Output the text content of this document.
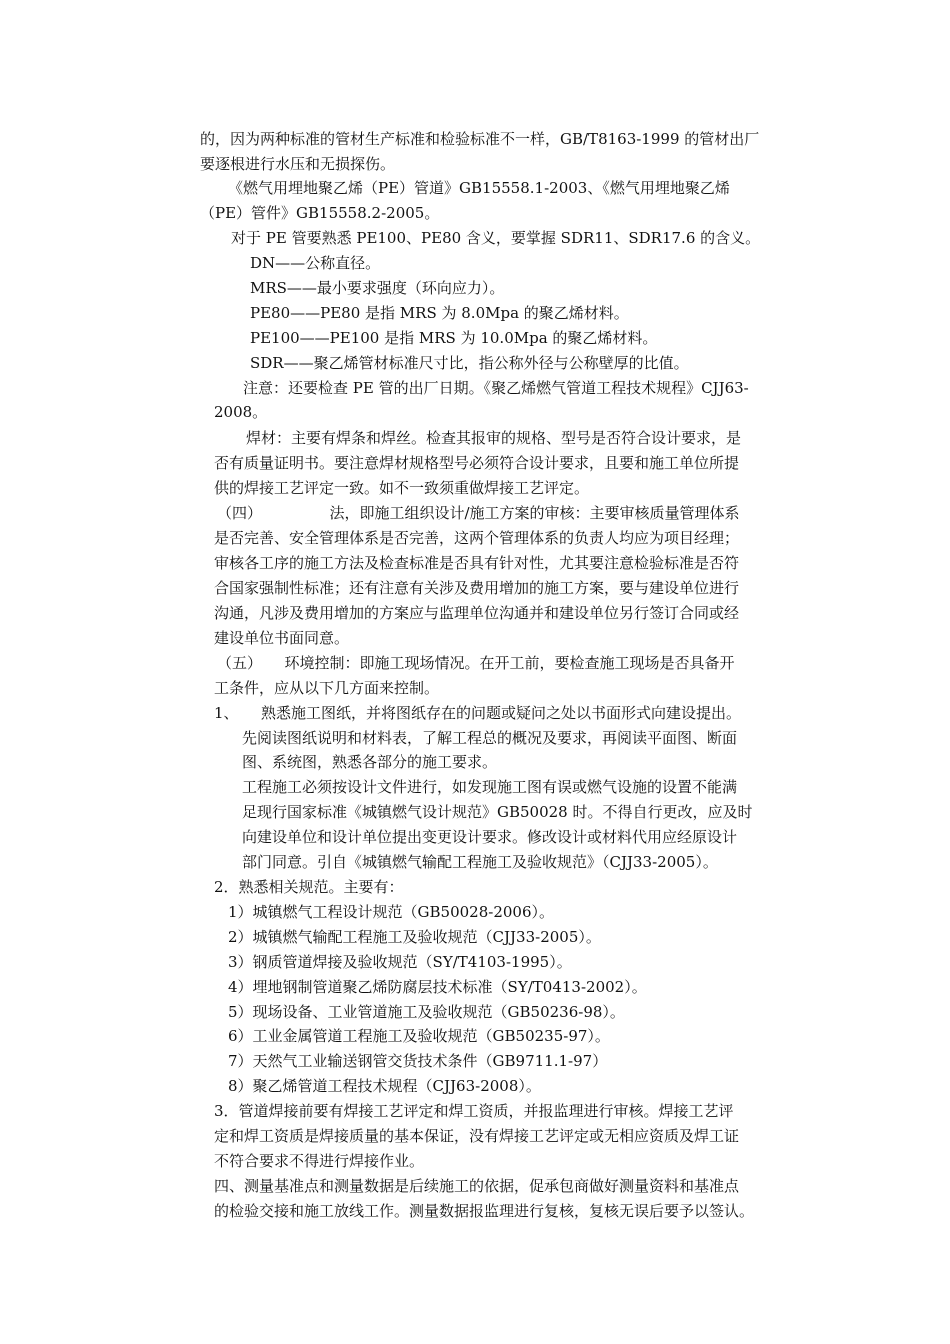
的，因为两种标准的管材生产标准和检验标准不一样，GB/T8163-1999 的管材出厂
要逐根进行水压和无损探伤。
《燃气用埋地聚乙烯（PE）管道》GB15558.1-2003、《燃气用埋地聚乙烯
（PE）管件》GB15558.2-2005。
对于 PE 管要熟悉 PE100、PE80 含义，要掌握 SDR11、SDR17.6 的含义。
DN——公称直径。
MRS——最小要求强度（环向应力）。
PE80——PE80 是指 MRS 为 8.0Mpa 的聚乙烯材料。
PE100——PE100 是指 MRS 为 10.0Mpa 的聚乙烯材料。
SDR——聚乙烯管材标准尺寸比，指公称外径与公称壁厚的比值。
注意：还要检查 PE 管的出厂日期。《聚乙烯燃气管道工程技术规程》CJJ63-
2008。
焊材：主要有焊条和焊丝。检查其报审的规格、型号是否符合设计要求，是
否有质量证明书。要注意焊材规格型号必须符合设计要求，且要和施工单位所提
供的焊接工艺评定一致。如不一致须重做焊接工艺评定。
（四）　　　　　法，即施工组织设计/施工方案的审核：主要审核质量管理体系
是否完善、安全管理体系是否完善，这两个管理体系的负责人均应为项目经理；
审核各工序的施工方法及检查标准是否具有针对性，尤其要注意检验标准是否符
合国家强制性标准；还有注意有关涉及费用增加的施工方案，要与建设单位进行
沟通，凡涉及费用增加的方案应与监理单位沟通并和建设单位另行签订合同或经
建设单位书面同意。
（五）　　环境控制：即施工现场情况。在开工前，要检查施工现场是否具备开
工条件，应从以下几方面来控制。
1、　　熟悉施工图纸，并将图纸存在的问题或疑问之处以书面形式向建设提出。
先阅读图纸说明和材料表，了解工程总的概况及要求，再阅读平面图、断面
图、系统图，熟悉各部分的施工要求。
工程施工必须按设计文件进行，如发现施工图有误或燃气设施的设置不能满
足现行国家标准《城镇燃气设计规范》GB50028 时。不得自行更改，应及时
向建设单位和设计单位提出变更设计要求。修改设计或材料代用应经原设计
部门同意。引自《城镇燃气输配工程施工及验收规范》（CJJ33-2005）。
2．熟悉相关规范。主要有：
1）城镇燃气工程设计规范（GB50028-2006）。
2）城镇燃气输配工程施工及验收规范（CJJ33-2005）。
3）钢质管道焊接及验收规范（SY/T4103-1995）。
4）埋地钢制管道聚乙烯防腐层技术标准（SY/T0413-2002）。
5）现场设备、工业管道施工及验收规范（GB50236-98）。
6）工业金属管道工程施工及验收规范（GB50235-97）。
7）天然气工业输送钢管交货技术条件（GB9711.1-97）
8）聚乙烯管道工程技术规程（CJJ63-2008）。
3．管道焊接前要有焊接工艺评定和焊工资质，并报监理进行审核。焊接工艺评
定和焊工资质是焊接质量的基本保证，没有焊接工艺评定或无相应资质及焊工证
不符合要求不得进行焊接作业。
四、测量基准点和测量数据是后续施工的依据，促承包商做好测量资料和基准点
的检验交接和施工放线工作。测量数据报监理进行复核，复核无误后要予以签认。
